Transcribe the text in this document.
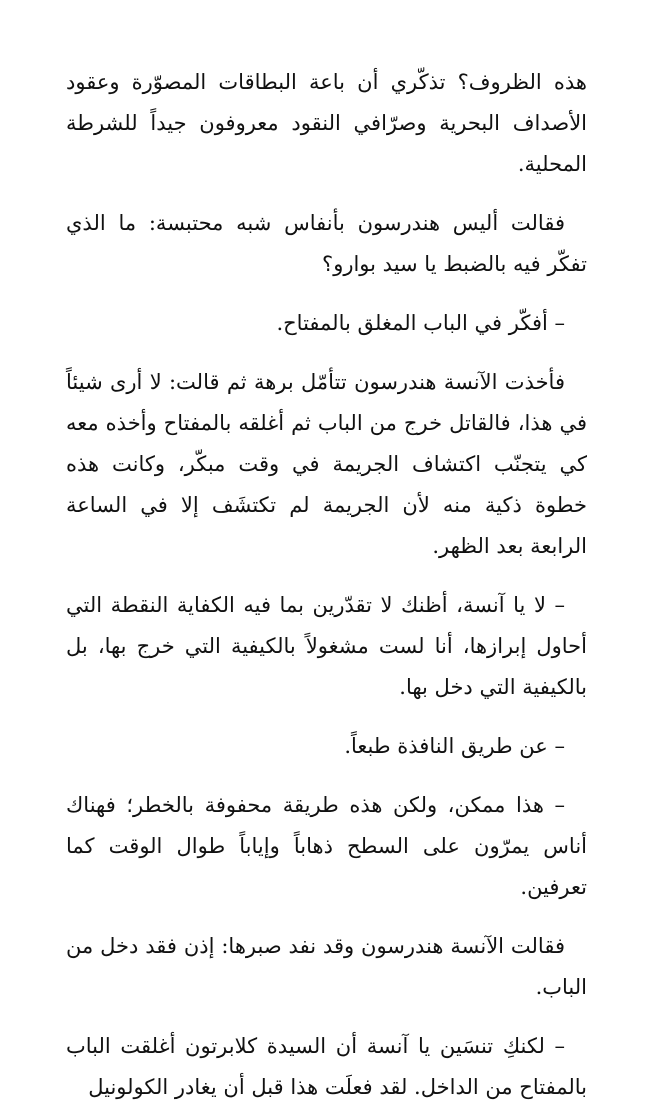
هذه الظروف؟ تذكّري أن باعة البطاقات المصوّرة وعقود الأصداف البحرية وصرّافي النقود معروفون جيداً للشرطة المحلية.

فقالت أليس هندرسون بأنفاس شبه محتبسة: ما الذي تفكّر فيه بالضبط يا سيد بوارو؟

– أفكّر في الباب المغلق بالمفتاح.

فأخذت الآنسة هندرسون تتأمّل برهة ثم قالت: لا أرى شيئاً في هذا، فالقاتل خرج من الباب ثم أغلقه بالمفتاح وأخذه معه كي يتجنّب اكتشاف الجريمة في وقت مبكّر، وكانت هذه خطوة ذكية منه لأن الجريمة لم تكتشَف إلا في الساعة الرابعة بعد الظهر.

– لا يا آنسة، أظنك لا تقدّرين بما فيه الكفاية النقطة التي أحاول إبرازها، أنا لست مشغولاً بالكيفية التي خرج بها، بل بالكيفية التي دخل بها.

– عن طريق النافذة طبعاً.

– هذا ممكن، ولكن هذه طريقة محفوفة بالخطر؛ فهناك أناس يمرّون على السطح ذهاباً وإياباً طوال الوقت كما تعرفين.

فقالت الآنسة هندرسون وقد نفد صبرها: إذن فقد دخل من الباب.

– لكنكِ تنسَين يا آنسة أن السيدة كلابرتون أغلقت الباب بالمفتاح من الداخل. لقد فعلَت هذا قبل أن يغادر الكولونيل
